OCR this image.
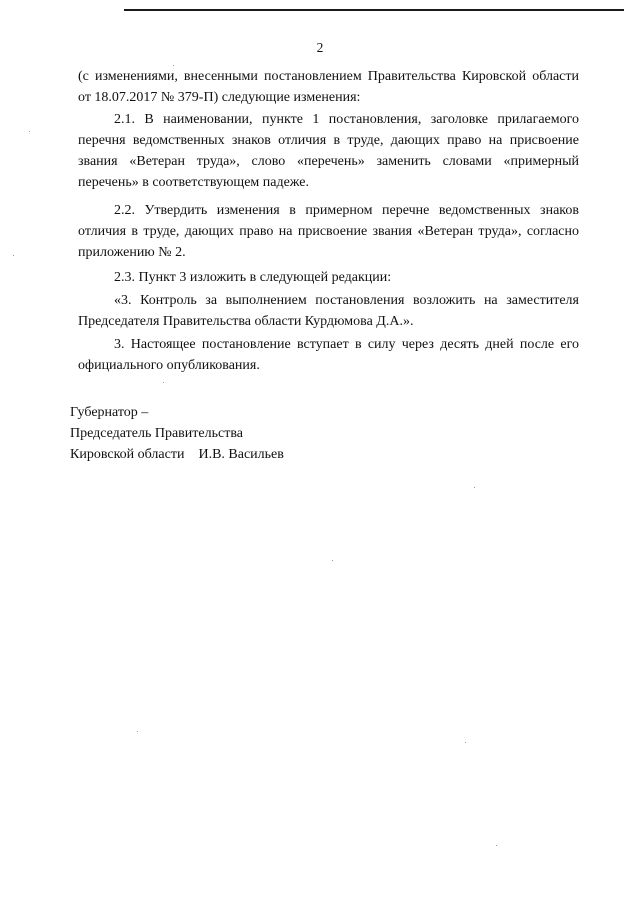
2

(с изменениями, внесенными постановлением Правительства Кировской области от 18.07.2017 № 379-П) следующие изменения:

2.1. В наименовании, пункте 1 постановления, заголовке прилагаемого перечня ведомственных знаков отличия в труде, дающих право на присвоение звания «Ветеран труда», слово «перечень» заменить словами «примерный перечень» в соответствующем падеже.

2.2. Утвердить изменения в примерном перечне ведомственных знаков отличия в труде, дающих право на присвоение звания «Ветеран труда», согласно приложению № 2.

2.3. Пункт 3 изложить в следующей редакции:

«3. Контроль за выполнением постановления возложить на заместителя Председателя Правительства области Курдюмова Д.А.».

3. Настоящее постановление вступает в силу через десять дней после его официального опубликования.

Губернатор –
Председатель Правительства
Кировской области    И.В. Васильев
